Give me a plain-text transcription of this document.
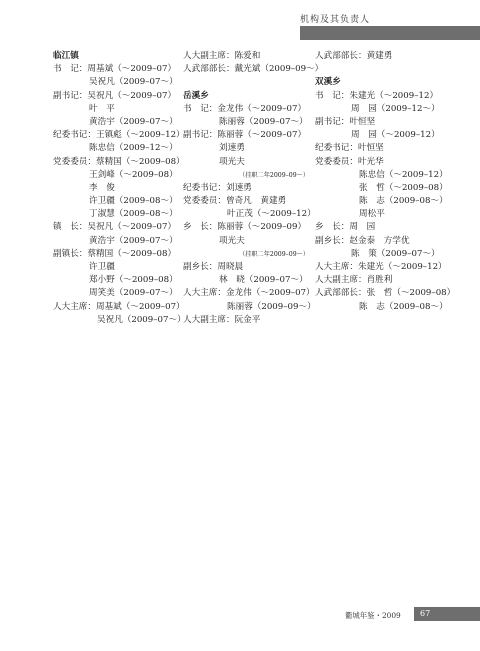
机构及其负责人
临江镇
书　记：周基斌（～2009–07）
吴祝凡（2009–07～）
副书记：吴祝凡（～2009–07）
叶　平
黄浩宇（2009–07～）
纪委书记：王镇彪（～2009–12）
陈忠信（2009–12～）
党委委员：蔡精国（～2009–08）
王剑峰（～2009–08）
李　俊
许卫疆（2009–08～）
丁淑慧（2009–08～）
镇　长：吴祝凡（～2009–07）
黄浩宇（2009–07～）
副镇长：蔡精国（～2009–08）
许卫疆
郑小野（～2009–08）
周笑美（2009–07～）
人大主席：周基斌（～2009–07）
吴祝凡（2009–07～）
人大副主席：陈爱和
人武部部长：戴光斌（2009–09～）
岳溪乡
书　记：金龙伟（～2009–07）
陈丽蓉（2009–07～）
副书记：陈丽蓉（～2009–07）
刘速勇
项光夫
（挂职二年2009–09～）
纪委书记：刘速勇
党委委员：曾奇凡　黄建勇
叶正茂（～2009–12）
乡　长：陈丽蓉（～2009–09）
项光夫
（挂职二年2009–09～）
副乡长：周晓晨
林　晓（2009–07～）
人大主席：金龙伟（～2009–07）
陈丽蓉（2009–09～）
人大副主席：阮金平
人武部部长：黄建勇
双溪乡
书　记：朱建光（～2009–12）
周　园（2009–12～）
副书记：叶恒坚
周　园（～2009–12）
纪委书记：叶恒坚
党委委员：叶光华
陈忠信（～2009–12）
张　哲（～2009–08）
陈　志（2009–08～）
周松平
乡　长：周　园
副乡长：赵金泰　方学优
陈　策（2009–07～）
人大主席：朱建光（～2009–12）
人大副主席：肖胜利
人武部部长：张　哲（～2009–08）
陈　志（2009–08～）
衢城年鉴・2009 67
